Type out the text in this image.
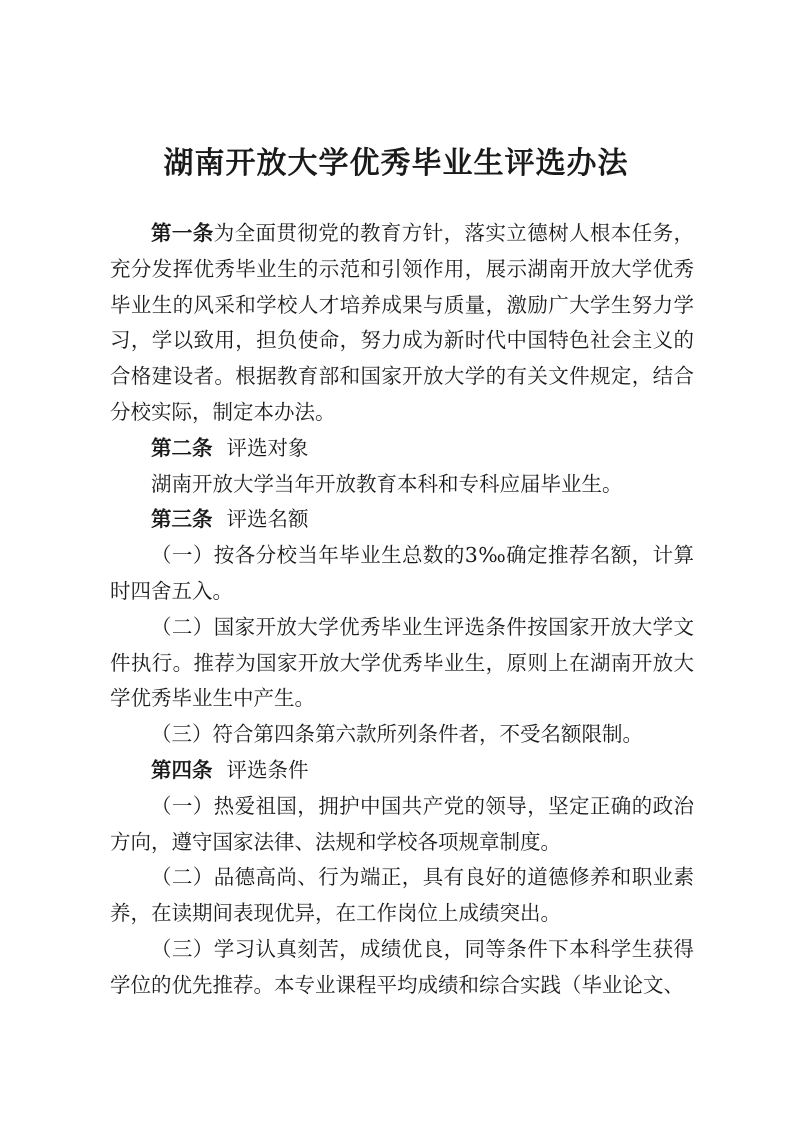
湖南开放大学优秀毕业生评选办法

第一条为全面贯彻党的教育方针，落实立德树人根本任务，充分发挥优秀毕业生的示范和引领作用，展示湖南开放大学优秀毕业生的风采和学校人才培养成果与质量，激励广大学生努力学习，学以致用，担负使命，努力成为新时代中国特色社会主义的合格建设者。根据教育部和国家开放大学的有关文件规定，结合分校实际，制定本办法。

第二条 评选对象

湖南开放大学当年开放教育本科和专科应届毕业生。

第三条 评选名额

（一）按各分校当年毕业生总数的3‰确定推荐名额，计算时四舍五入。

（二）国家开放大学优秀毕业生评选条件按国家开放大学文件执行。推荐为国家开放大学优秀毕业生，原则上在湖南开放大学优秀毕业生中产生。

（三）符合第四条第六款所列条件者，不受名额限制。

第四条 评选条件

（一）热爱祖国，拥护中国共产党的领导，坚定正确的政治方向，遵守国家法律、法规和学校各项规章制度。

（二）品德高尚、行为端正，具有良好的道德修养和职业素养，在读期间表现优异，在工作岗位上成绩突出。

（三）学习认真刻苦，成绩优良，同等条件下本科学生获得学位的优先推荐。本专业课程平均成绩和综合实践（毕业论文、
